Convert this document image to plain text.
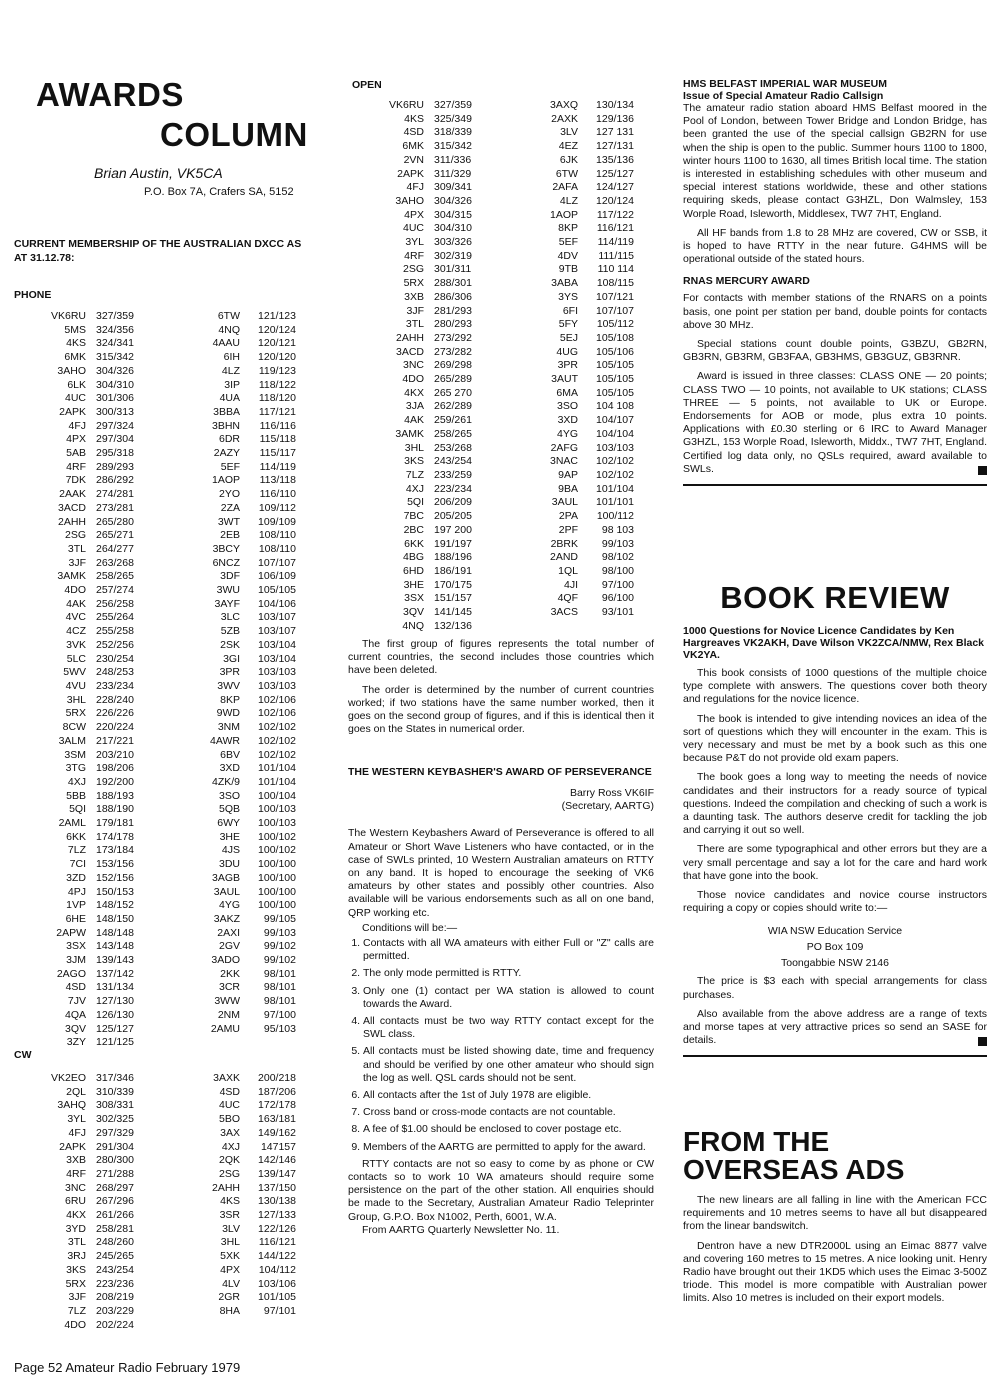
AWARDS
COLUMN
Brian Austin, VK5CA
P.O. Box 7A, Crafers SA, 5152
CURRENT MEMBERSHIP OF THE AUSTRALIAN DXCC AS AT 31.12.78:
PHONE
VK6RU	327/359	6TW	121/123
5MS	324/356	4NQ	120/124
4KS	324/341	4AAU	120/121
6MK	315/342	6IH	120/120
3AHO	304/326	4LZ	119/123
6LK	304/310	3IP	118/122
4UC	301/306	4UA	118/120
2APK	300/313	3BBA	117/121
4FJ	297/324	3BHN	116/116
4PX	297/304	6DR	115/118
5AB	295/318	2AZY	115/117
4RF	289/293	5EF	114/119
7DK	286/292	1AOP	113/118
2AAK	274/281	2YO	116/110
3ACD	273/281	2ZA	109/112
2AHH	265/280	3WT	109/109
2SG	265/271	2EB	108/110
3TL	264/277	3BCY	108/110
3JF	263/268	6NCZ	107/107
3AMK	258/265	3DF	106/109
4DO	257/274	3WU	105/105
4AK	256/258	3AYF	104/106
4VC	255/264	3LC	103/107
4CZ	255/258	5ZB	103/107
3VK	252/256	2SK	103/104
5LC	230/254	3GI	103/104
5WV	248/253	3PR	103/103
4VU	233/234	3WV	103/103
3HL	228/240	8KP	102/106
5RX	226/226	9WD	102/106
8CW	220/224	3NM	102/102
3ALM	217/221	4AWR	102/102
3SM	203/210	6BV	102/102
3TG	198/206	3XD	101/104
4XJ	192/200	4ZK/9	101/104
5BB	188/193	3SO	100/104
5QI	188/190	5QB	100/103
2AML	179/181	6WY	100/103
6KK	174/178	3HE	100/102
7LZ	173/184	4JS	100/102
7CI	153/156	3DU	100/100
3ZD	152/156	3AGB	100/100
4PJ	150/153	3AUL	100/100
1VP	148/152	4YG	100/100
6HE	148/150	3AKZ	99/105
2APW	148/148	2AXI	99/103
3SX	143/148	2GV	99/102
3JM	139/143	3ADO	99/102
2AGO	137/142	2KK	98/101
4SD	131/134	3CR	98/101
7JV	127/130	3WW	98/101
4QA	126/130	2NM	97/100
3QV	125/127	2AMU	95/103
3ZY	121/125		
CW
VK2EO	317/346	3AXK	200/218
2QL	310/339	4SD	187/206
3AHQ	308/331	4UC	172/178
3YL	302/325	5BO	163/181
4FJ	297/329	3AX	149/162
2APK	291/304	4XJ	147157
3XB	280/300	2QK	142/146
4RF	271/288	2SG	139/147
3NC	268/297	2AHH	137/150
6RU	267/296	4KS	130/138
4KX	261/266	3SR	127/133
3YD	258/281	3LV	122/126
3TL	248/260	3HL	116/121
3RJ	245/265	5XK	144/122
3KS	243/254	4PX	104/112
5RX	223/236	4LV	103/106
3JF	208/219	2GR	101/105
7LZ	203/229	8HA	97/101
4DO	202/224		
OPEN
VK6RU	327/359	3AXQ	130/134
4KS	325/349	2AXK	129/136
4SD	318/339	3LV	127 131
6MK	315/342	4EZ	127/131
2VN	311/336	6JK	135/136
2APK	311/329	6TW	125/127
4FJ	309/341	2AFA	124/127
3AHO	304/326	4LZ	120/124
4PX	304/315	1AOP	117/122
4UC	304/310	8KP	116/121
3YL	303/326	5EF	114/119
4RF	302/319	4DV	111/115
2SG	301/311	9TB	110 114
5RX	288/301	3ABA	108/115
3XB	286/306	3YS	107/121
3JF	281/293	6FI	107/107
3TL	280/293	5FY	105/112
2AHH	273/292	5EJ	105/108
3ACD	273/282	4UG	105/106
3NC	269/298	3PR	105/105
4DO	265/289	3AUT	105/105
4KX	265 270	6MA	105/105
3JA	262/289	3SO	104 108
4AK	259/261	3XD	104/107
3AMK	258/265	4YG	104/104
3HL	253/268	2AFG	103/103
3KS	243/254	3NAC	102/102
7LZ	233/259	9AP	102/102
4XJ	223/234	9BA	101/104
5QI	206/209	3AUL	101/101
7BC	205/205	2PA	100/112
2BC	197 200	2PF	98 103
6KK	191/197	2BRK	99/103
4BG	188/196	2AND	98/102
6HD	186/191	1QL	98/100
3HE	170/175	4JI	97/100
3SX	151/157	4QF	96/100
3QV	141/145	3ACS	93/101
4NQ	132/136		

The first group of figures represents the total number of current countries, the second includes those countries which have been deleted.

The order is determined by the number of current countries worked; if two stations have the same number worked, then it goes on the second group of figures, and if this is identical then it goes on the States in numerical order.

THE WESTERN KEYBASHER'S AWARD OF PERSEVERANCE
Barry Ross VK6IF
(Secretary, AARTG)

The Western Keybashers Award of Perseverance is offered to all Amateur or Short Wave Listeners who have contacted, or in the case of SWLs printed, 10 Western Australian amateurs on RTTY on any band. It is hoped to encourage the seeking of VK6 amateurs by other states and possibly other countries. Also available will be various endorsements such as all on one band, QRP working etc.

Conditions will be:—

1. Contacts with all WA amateurs with either Full or "Z" calls are permitted.
2. The only mode permitted is RTTY.
3. Only one (1) contact per WA station is allowed to count towards the Award.
4. All contacts must be two way RTTY contact except for the SWL class.
5. All contacts must be listed showing date, time and frequency and should be verified by one other amateur who should sign the log as well. QSL cards should not be sent.
6. All contacts after the 1st of July 1978 are eligible.
7. Cross band or cross-mode contacts are not countable.
8. A fee of $1.00 should be enclosed to cover postage etc.
9. Members of the AARTG are permitted to apply for the award.

RTTY contacts are not so easy to come by as phone or CW contacts so to work 10 WA amateurs should require some persistence on the part of the other station. All enquiries should be made to the Secretary, Australian Amateur Radio Teleprinter Group, G.P.O. Box N1002, Perth, 6001, W.A.

From AARTG Quarterly Newsletter No. 11.

HMS BELFAST IMPERIAL WAR MUSEUM
Issue of Special Amateur Radio Callsign

The amateur radio station aboard HMS Belfast moored in the Pool of London, between Tower Bridge and London Bridge, has been granted the use of the special callsign GB2RN for use when the ship is open to the public. Summer hours 1100 to 1800, winter hours 1100 to 1630, all times British local time. The station is interested in establishing schedules with other museum and special interest stations worldwide, these and other stations requiring skeds, please contact G3HZL, Don Walmsley, 153 Worple Road, Isleworth, Middlesex, TW7 7HT, England.

All HF bands from 1.8 to 28 MHz are covered, CW or SSB, it is hoped to have RTTY in the near future. G4HMS will be operational outside of the stated hours.

RNAS MERCURY AWARD

For contacts with member stations of the RNARS on a points basis, one point per station per band, double points for contacts above 30 MHz.

Special stations count double points, G3BZU, GB2RN, GB3RN, GB3RM, GB3FAA, GB3HMS, GB3GUZ, GB3RNR.

Award is issued in three classes: CLASS ONE — 20 points; CLASS TWO — 10 points, not available to UK stations; CLASS THREE — 5 points, not available to UK or Europe. Endorsements for AOB or mode, plus extra 10 points. Applications with £0.30 sterling or 6 IRC to Award Manager G3HZL, 153 Worple Road, Isleworth, Middx., TW7 7HT, England. Certified log data only, no QSLs required, award available to SWLs.

BOOK REVIEW
1000 Questions for Novice Licence Candidates by Ken Hargreaves VK2AKH, Dave Wilson VK2ZCA/NMW, Rex Black VK2YA.

This book consists of 1000 questions of the multiple choice type complete with answers. The questions cover both theory and regulations for the novice licence.

The book is intended to give intending novices an idea of the sort of questions which they will encounter in the exam. This is very necessary and must be met by a book such as this one because P&T do not provide old exam papers.

The book goes a long way to meeting the needs of novice candidates and their instructors for a ready source of typical questions. Indeed the compilation and checking of such a work is a daunting task. The authors deserve credit for tackling the job and carrying it out so well.

There are some typographical and other errors but they are a very small percentage and say a lot for the care and hard work that have gone into the book.

Those novice candidates and novice course instructors requiring a copy or copies should write to:—

WIA NSW Education Service
PO Box 109
Toongabbie NSW 2146

The price is $3 each with special arrangements for class purchases.

Also available from the above address are a range of texts and morse tapes at very attractive prices so send an SASE for details.

FROM THE OVERSEAS ADS

The new linears are all falling in line with the American FCC requirements and 10 metres seems to have all but disappeared from the linear bandswitch.

Dentron have a new DTR2000L using an Eimac 8877 valve and covering 160 metres to 15 metres. A nice looking unit. Henry Radio have brought out their 1KD5 which uses the Eimac 3-500Z triode. This model is more compatible with Australian power limits. Also 10 metres is included on their export models.

Page 52 Amateur Radio February 1979
